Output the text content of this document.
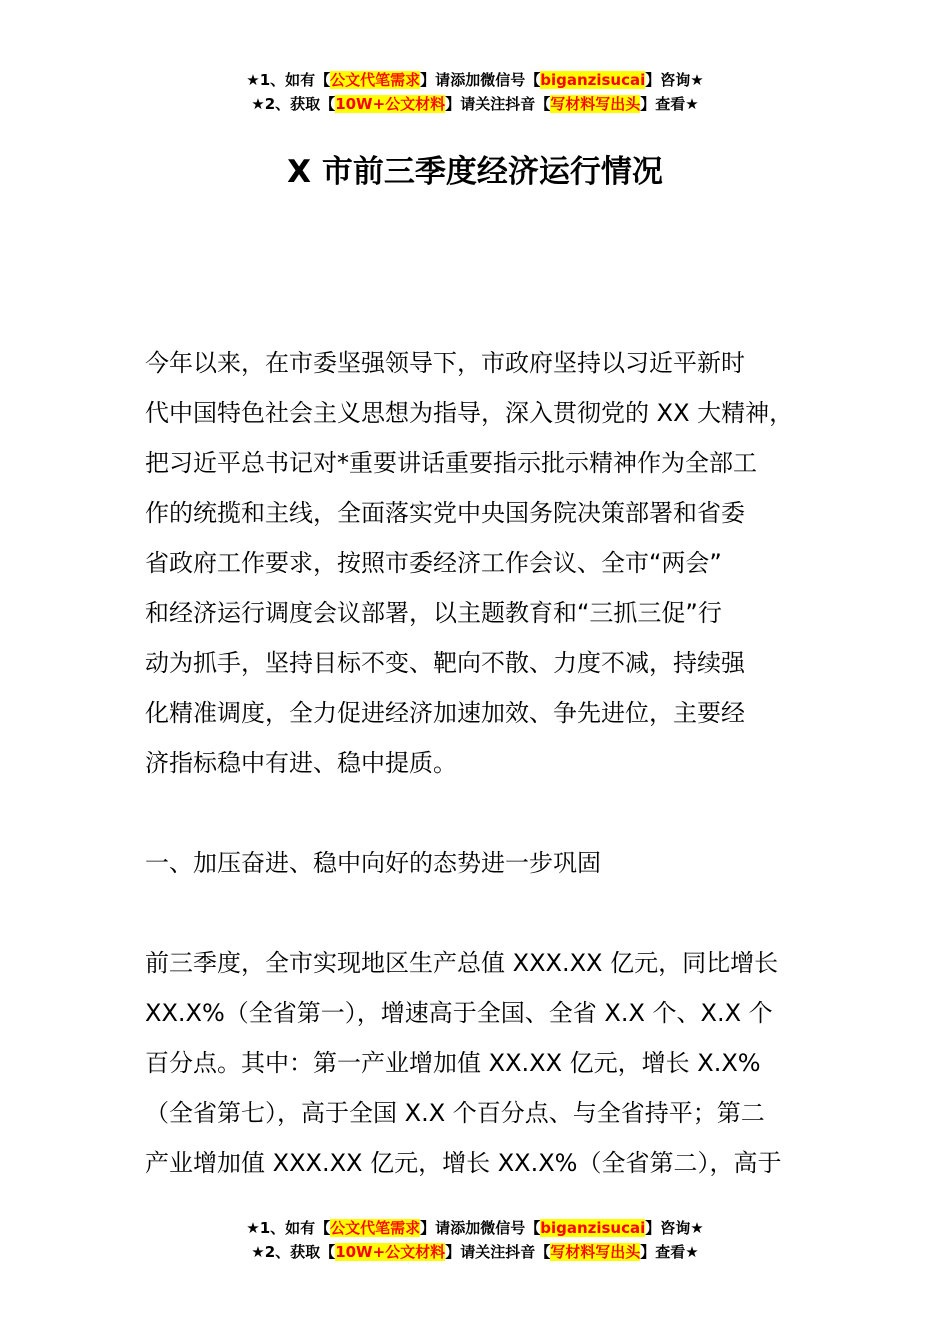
★1、如有【公文代笔需求】请添加微信号【biganzisucai】咨询★
★2、获取【10W+公文材料】请关注抖音【写材料写出头】查看★
X 市前三季度经济运行情况
今年以来，在市委坚强领导下，市政府坚持以习近平新时
代中国特色社会主义思想为指导，深入贯彻党的 XX 大精神，
把习近平总书记对*重要讲话重要指示批示精神作为全部工
作的统揽和主线，全面落实党中央国务院决策部署和省委
省政府工作要求，按照市委经济工作会议、全市“两会”
和经济运行调度会议部署，以主题教育和“三抓三促”行
动为抓手，坚持目标不变、靶向不散、力度不减，持续强
化精准调度，全力促进经济加速加效、争先进位，主要经
济指标稳中有进、稳中提质。
一、加压奋进、稳中向好的态势进一步巩固
前三季度，全市实现地区生产总值 XXX.XX 亿元，同比增长
XX.X%（全省第一），增速高于全国、全省 X.X 个、X.X 个
百分点。其中：第一产业增加值 XX.XX 亿元，增长 X.X%
（全省第七），高于全国 X.X 个百分点、与全省持平；第二
产业增加值 XXX.XX 亿元，增长 XX.X%（全省第二），高于
★1、如有【公文代笔需求】请添加微信号【biganzisucai】咨询★
★2、获取【10W+公文材料】请关注抖音【写材料写出头】查看★
